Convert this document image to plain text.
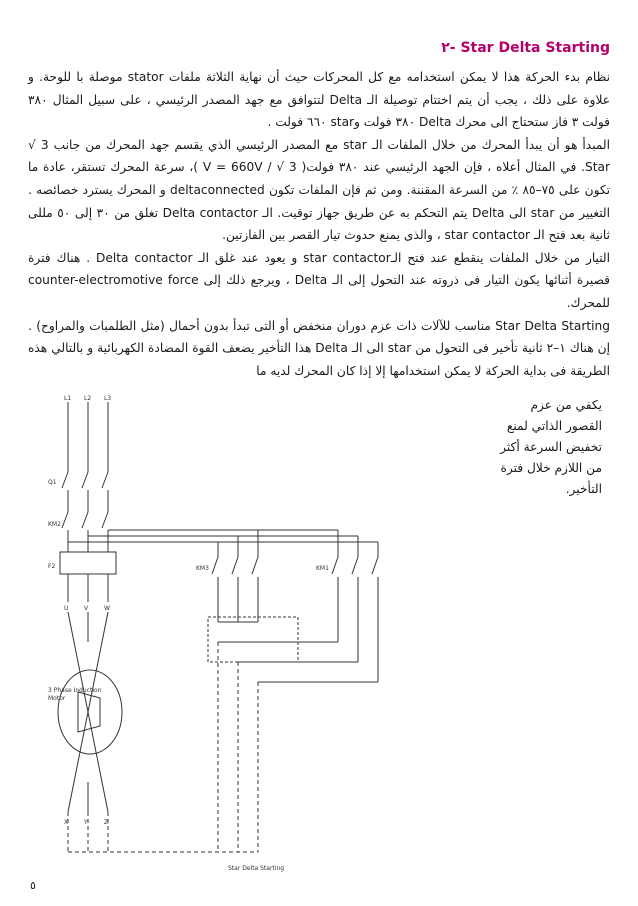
Star Delta Starting -٢

نظام بدء الحركة هذا لا يمكن استخدامه مع كل المحركات حيث أن نهاية الثلاثة ملفات stator موصلة با للوحة. و علاوة على ذلك ، يجب أن يتم اختتام توصيلة الـ Delta لتتوافق مع جهد المصدر الرئيسي ، على سبيل المثال ٣٨٠ فولت ٣ فاز ستحتاج الى محرك Delta ٣٨٠ فولت وstar ٦٦٠ فولت .

المبدأ هو أن يبدأ المحرك من خلال الملفات الـ star مع المصدر الرئيسي الذي يقسم جهد المحرك من جانب 3 √ Star. في المثال أعلاه ، فإن الجهد الرئيسي عند ٣٨٠ فولت( V = 660V / √ 3 )، سرعة المحرك تستقر، عادة ما تكون على ٧٥–٨٥ ٪ من السرعة المقننة. ومن ثم فإن الملفات تكون deltaconnected و المحرك يسترد خصائصه . التغيير من star الى Delta يتم التحكم به عن طريق جهاز توقيت. الـ Delta contactor تغلق من ٣٠ إلى ٥٠ مللى ثانية بعد فتح الـ star contactor ، والذى يمنع حدوث تيار القصر بين الفازتين.

التيار من خلال الملفات ينقطع عند فتح الـstar contactor و يعود عند غلق الـ Delta contactor . هناك فترة قصيرة أثنائها يكون التيار فى ذروته عند التحول إلى الـ Delta ، ويرجع ذلك إلى counter-electromotive force للمحرك.

Star Delta Starting مناسب للآلات ذات عزم دوران منخفض أو التى تبدأ بدون أحمال (مثل الطلمبات والمراوح) . إن هناك ١–٢ ثانية تأخير فى التحول من star الى الـ Delta هذا التأخير يضعف القوة المضادة الكهربائية و بالتالي هذه الطريقة فى بداية الحركة لا يمكن استخدامها إلا إذا كان المحرك لديه ما

يكفي من عزم

القصور الذاتي لمنع

تخفيض السرعة أكثر

من اللازم خلال فترة

التأخير.

L1 L2 L3
Q1
KM2
F2	KM3	KM1
U	V	W
X	Y	Z
3 Phase Induction
Motor
Star Delta Starting
٥
